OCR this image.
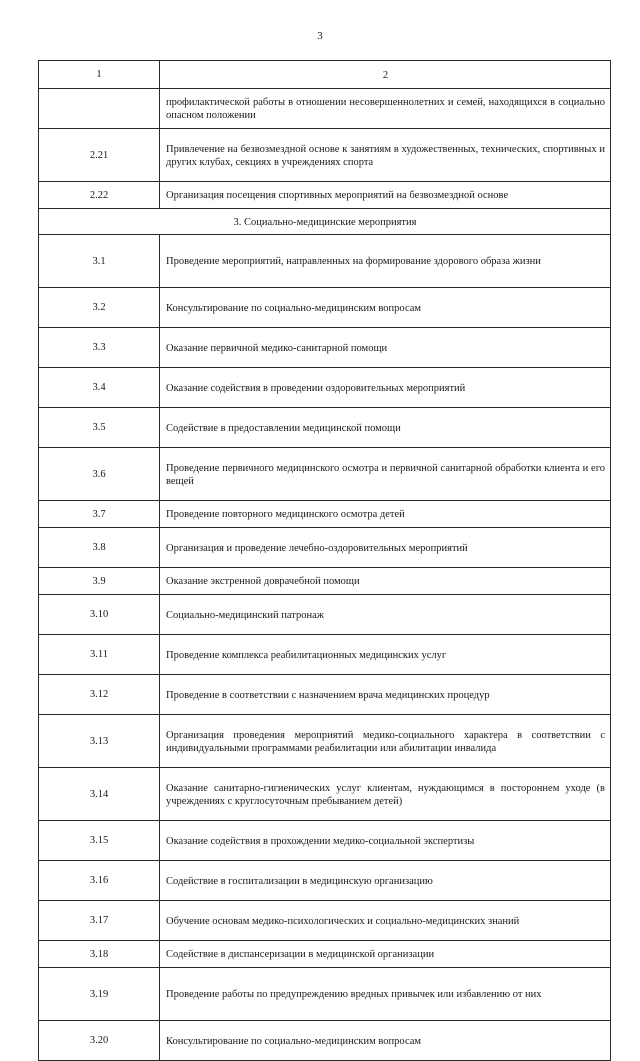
3
1	2
	профилактической работы в отношении несовершеннолетних и семей, находящихся в социально опасном положении
2.21	Привлечение на безвозмездной основе к занятиям в художественных, технических, спортивных и других клубах, секциях в учреждениях спорта
2.22	Организация посещения спортивных мероприятий на безвозмездной основе
3. Социально-медицинские мероприятия	
3.1	Проведение мероприятий, направленных на формирование здорового образа жизни
3.2	Консультирование по социально-медицинским вопросам
3.3	Оказание первичной медико-санитарной помощи
3.4	Оказание содействия в проведении оздоровительных мероприятий
3.5	Содействие в предоставлении медицинской помощи
3.6	Проведение первичного медицинского осмотра и первичной санитарной обработки клиента и его вещей
3.7	Проведение повторного медицинского осмотра детей
3.8	Организация и проведение лечебно-оздоровительных мероприятий
3.9	Оказание экстренной доврачебной помощи
3.10	Социально-медицинский патронаж
3.11	Проведение комплекса реабилитационных медицинских услуг
3.12	Проведение в соответствии с назначением врача медицинских процедур
3.13	Организация проведения мероприятий медико-социального характера в соответствии с индивидуальными программами реабилитации или абилитации инвалида
3.14	Оказание санитарно-гигиенических услуг клиентам, нуждающимся в постороннем уходе (в учреждениях с круглосуточным пребыванием детей)
3.15	Оказание содействия в прохождении медико-социальной экспертизы
3.16	Содействие в госпитализации в медицинскую организацию
3.17	Обучение основам медико-психологических и социально-медицинских знаний
3.18	Содействие в диспансеризации в медицинской организации
3.19	Проведение работы по предупреждению вредных привычек или избавлению от них
3.20	Консультирование по социально-медицинским вопросам
